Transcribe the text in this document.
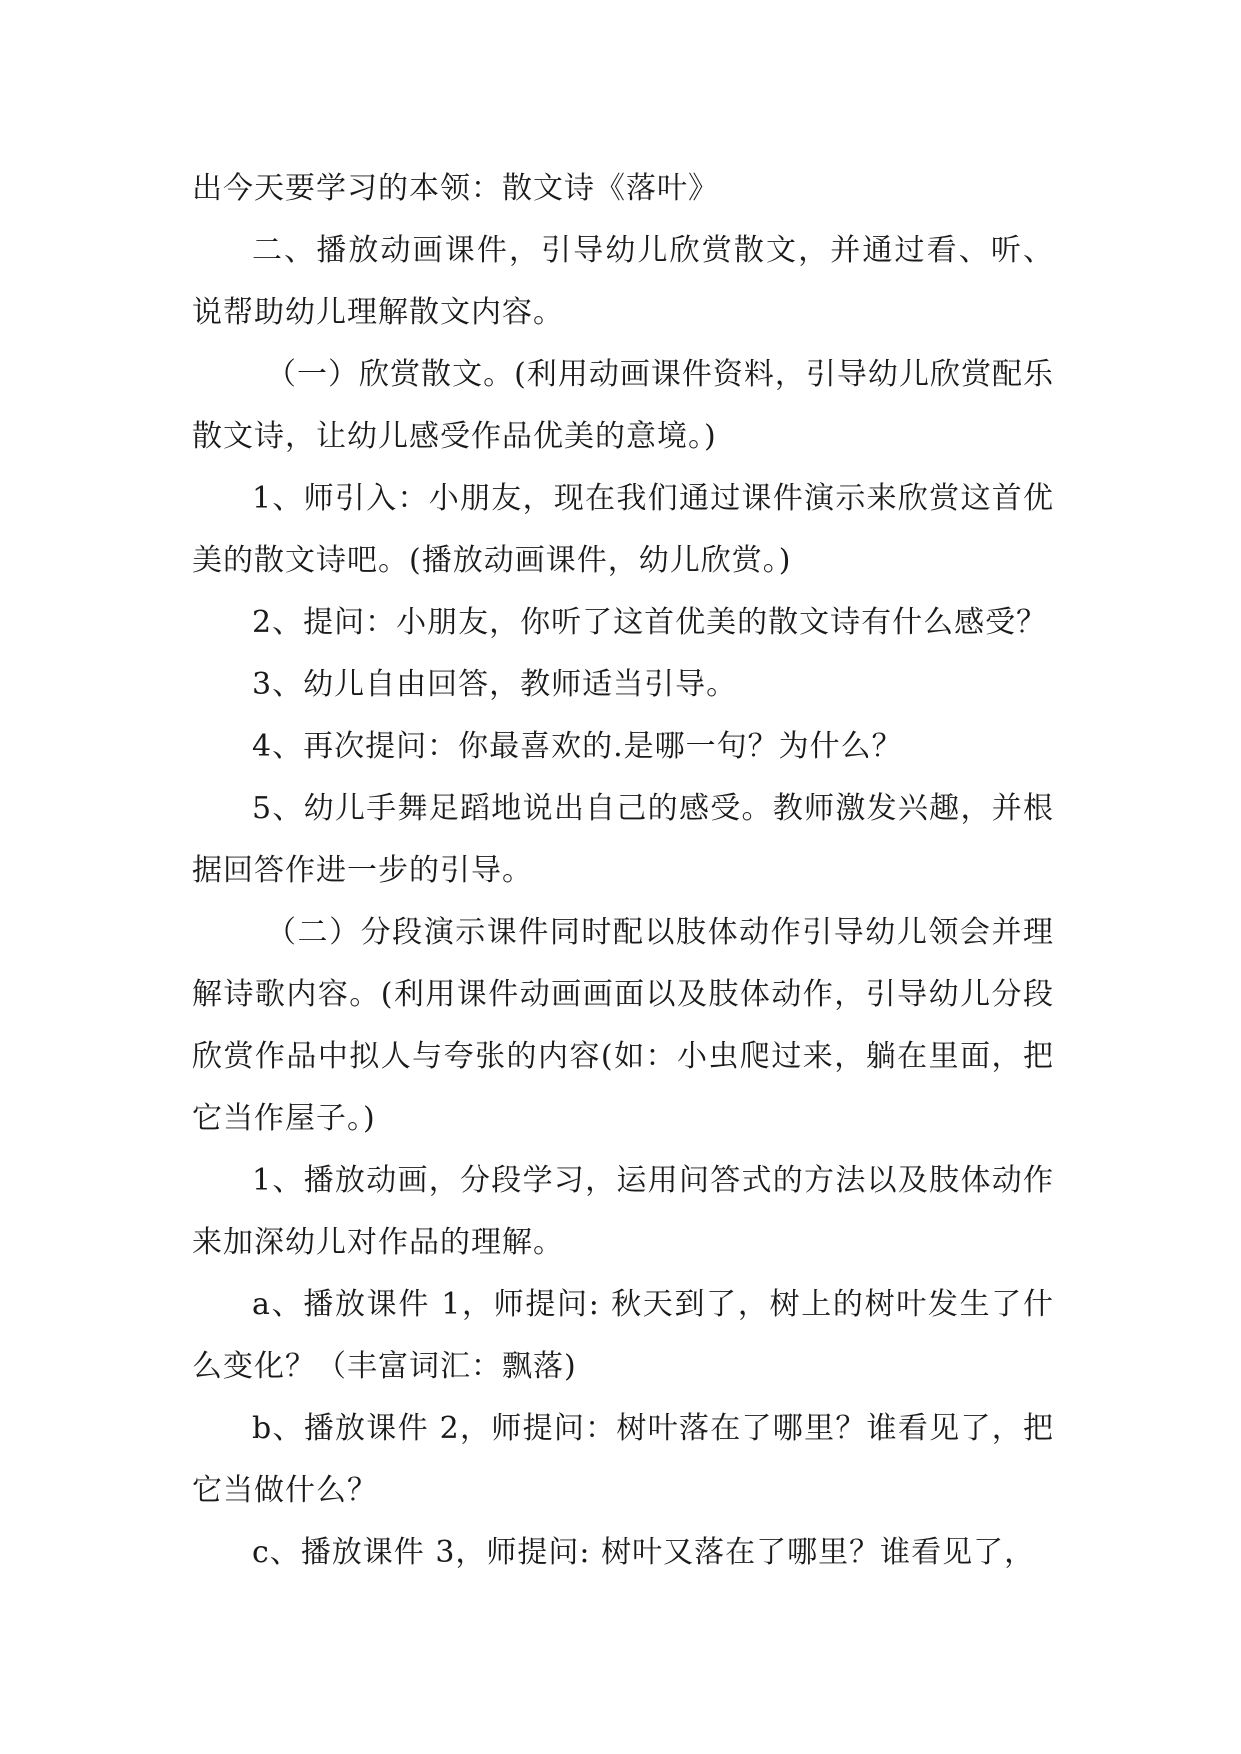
出今天要学习的本领：散文诗《落叶》

二、播放动画课件，引导幼儿欣赏散文，并通过看、听、说帮助幼儿理解散文内容。

（一）欣赏散文。(利用动画课件资料，引导幼儿欣赏配乐散文诗，让幼儿感受作品优美的意境。)

1、师引入：小朋友，现在我们通过课件演示来欣赏这首优美的散文诗吧。(播放动画课件，幼儿欣赏。)

2、提问：小朋友，你听了这首优美的散文诗有什么感受？

3、幼儿自由回答，教师适当引导。

4、再次提问：你最喜欢的.是哪一句？为什么？

5、幼儿手舞足蹈地说出自己的感受。教师激发兴趣，并根据回答作进一步的引导。

（二）分段演示课件同时配以肢体动作引导幼儿领会并理解诗歌内容。(利用课件动画画面以及肢体动作，引导幼儿分段欣赏作品中拟人与夸张的内容(如：小虫爬过来，躺在里面，把它当作屋子。)

1、播放动画，分段学习，运用问答式的方法以及肢体动作来加深幼儿对作品的理解。

a、播放课件 1，师提问: 秋天到了，树上的树叶发生了什么变化？（丰富词汇：飘落)

b、播放课件 2，师提问：树叶落在了哪里？谁看见了，把它当做什么？

c、播放课件 3，师提问: 树叶又落在了哪里？谁看见了，
